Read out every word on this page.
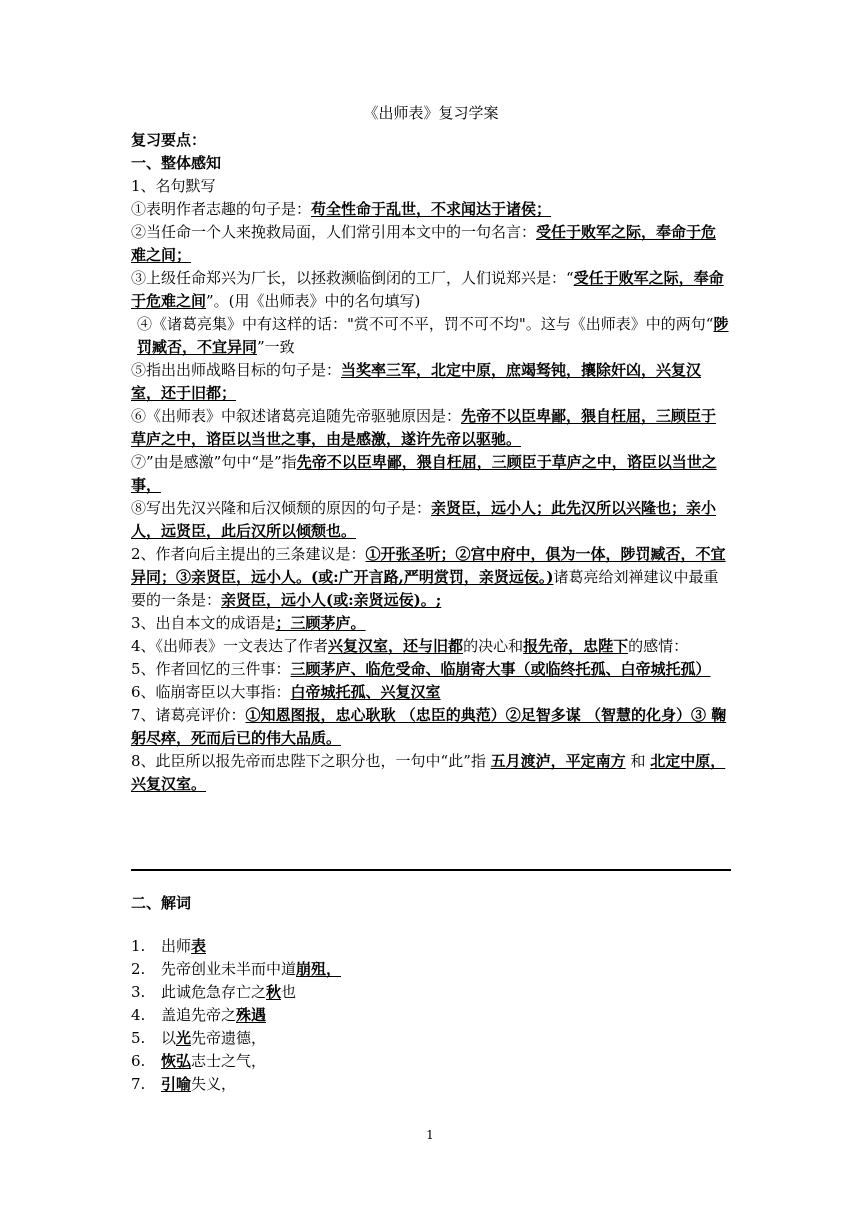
《出师表》复习学案

复习要点：

一、整体感知

1、名句默写

①表明作者志趣的句子是：苟全性命于乱世，不求闻达于诸侯；

②当任命一个人来挽救局面，人们常引用本文中的一句名言：受任于败军之际，奉命于危难之间；

③上级任命郑兴为厂长，以拯救濒临倒闭的工厂，人们说郑兴是：“受任于败军之际，奉命于危难之间”。(用《出师表》中的名句填写)

④《诸葛亮集》中有这样的话："赏不可不平，罚不可不均"。这与《出师表》中的两句“陟罚臧否，不宜异同”一致

⑤指出出师战略目标的句子是：当奖率三军，北定中原，庶竭驽钝，攘除奸凶，兴复汉室，还于旧都；

⑥《出师表》中叙述诸葛亮追随先帝驱驰原因是：先帝不以臣卑鄙，猥自枉屈，三顾臣于草庐之中，谘臣以当世之事，由是感激，遂许先帝以驱驰。

⑦”由是感激”句中“是”指先帝不以臣卑鄙，猥自枉屈，三顾臣于草庐之中，谘臣以当世之事，

⑧写出先汉兴隆和后汉倾颓的原因的句子是：亲贤臣，远小人；此先汉所以兴隆也；亲小人，远贤臣，此后汉所以倾颓也。

2、作者向后主提出的三条建议是：①开张圣听；②宫中府中，俱为一体，陟罚臧否，不宜异同；③亲贤臣，远小人。(或:广开言路,严明赏罚，亲贤远佞。)诸葛亮给刘禅建议中最重要的一条是：亲贤臣，远小人(或:亲贤远佞)。;

3、出自本文的成语是；三顾茅庐。

4、《出师表》一文表达了作者兴复汉室，还与旧都的决心和报先帝，忠陛下的感情：

5、作者回忆的三件事：三顾茅庐、临危受命、临崩寄大事（或临终托孤、白帝城托孤）

6、临崩寄臣以大事指：白帝城托孤、兴复汉室

7、诸葛亮评价：①知恩图报，忠心耿耿 （忠臣的典范）②足智多谋 （智慧的化身）③ 鞠躬尽瘁，死而后已的伟大品质。

8、此臣所以报先帝而忠陛下之职分也，一句中“此”指 五月渡泸，平定南方 和 北定中原，兴复汉室。

二、解词

1.	出师 表
2.	先帝创业未半而中道 崩殂，
3.	此诚危急存亡之 秋 也
4.	盖追先帝之 殊遇
5.	以 光 先帝遗德，
6.	恢弘 志士之气，
7.	引喻 失义，
1
